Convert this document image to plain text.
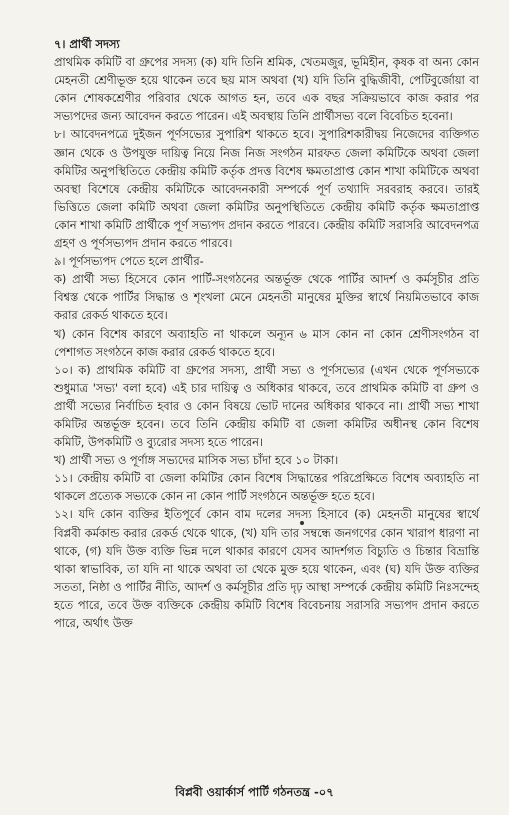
৭। প্রার্থী সদস্য

প্রাথমিক কমিটি বা গ্রুপের সদস্য (ক) যদি তিনি শ্রমিক, খেতমজুর, ভূমিহীন, কৃষক বা অন্য কোন মেহনতী শ্রেণীভূক্ত হয়ে থাকেন তবে ছয় মাস অথবা (খ) যদি তিনি বুদ্ধিজীবী, পেটিবুর্জোয়া বা কোন শোষকশ্রেণীর পরিবার থেকে আগত হন, তবে এক বছর সক্রিয়ভাবে কাজ করার পর সভ্যপদের জন্য আবেদন করতে পারেন। এই অবস্থায় তিনি প্রার্থীসভ্য বলে বিবেচিত হবেনা।

৮। আবেদনপত্রে দুইজন পূর্ণসভ্যের সুপারিশ থাকতে হবে। সুপারিশকারীদ্বয় নিজেদের ব্যক্তিগত জ্ঞান থেকে ও উপযুক্ত দায়িত্ব নিয়ে নিজ নিজ সংগঠন মারফত জেলা কমিটিকে অথবা জেলা কমিটির অনুপস্থিতিতে কেন্দ্রীয় কমিটি কর্তৃক প্রদত্ত বিশেষ ক্ষমতাপ্রাপ্ত কোন শাখা কমিটিকে অথবা অবস্থা বিশেষে কেন্দ্রীয় কমিটিকে আবেদনকারী সম্পর্কে পূর্ণ তথ্যাদি সরবরাহ করবে। তারই ভিত্তিতে জেলা কমিটি অথবা জেলা কমিটির অনুপস্থিতিতে কেন্দ্রীয় কমিটি কর্তৃক ক্ষমতাপ্রাপ্ত কোন শাখা কমিটি প্রার্থীকে পূর্ণ সভ্যপদ প্রদান করতে পারবে। কেন্দ্রীয় কমিটি সরাসরি আবেদনপত্র গ্রহণ ও পূর্ণসভ্যপদ প্রদান করতে পারবে।

৯। পূর্ণসভ্যপদ পেতে হলে প্রার্থীর-

ক) প্রার্থী সভ্য হিসেবে কোন পার্টি-সংগঠনের অন্তর্ভূক্ত থেকে পার্টির আদর্শ ও কর্মসূচীর প্রতি বিশ্বস্ত থেকে পার্টির সিদ্ধান্ত ও শৃংখলা মেনে মেহনতী মানুষের মুক্তির স্বার্থে নিয়মিতভাবে কাজ করার রেকর্ড থাকতে হবে।

খ) কোন বিশেষ কারণে অব্যাহতি না থাকলে অন্যূন ৬ মাস কোন না কোন শ্রেণীসংগঠন বা পেশাগত সংগঠনে কাজ করার রেকর্ড থাকতে হবে।

১০। ক) প্রাথমিক কমিটি বা গ্রুপের সদস্য, প্রার্থী সভ্য ও পূর্ণসভ্যের (এখন থেকে পূর্ণসভ্যকে শুধুমাত্র 'সভ্য' বলা হবে) এই চার দায়িত্ব ও অধিকার থাকবে, তবে প্রাথমিক কমিটি বা গ্রুপ ও প্রার্থী সভ্যের নির্বাচিত হবার ও কোন বিষয়ে ভোট দানের অধিকার থাকবে না। প্রার্থী সভ্য শাখা কমিটির অন্তর্ভূক্ত হবেন। তবে তিনি কেন্দ্রীয় কমিটি বা জেলা কমিটির অধীনস্থ কোন বিশেষ কমিটি, উপকমিটি ও ব্যুরোর সদস্য হতে পারেন।

খ) প্রার্থী সভ্য ও পূর্ণাঙ্গ সভ্যদের মাসিক সভ্য চাঁদা হবে ১০ টাকা।

১১। কেন্দ্রীয় কমিটি বা জেলা কমিটির কোন বিশেষ সিদ্ধান্তের পরিপ্রেক্ষিতে বিশেষ অব্যাহতি না থাকলে প্রত্যেক সভ্যকে কোন না কোন পার্টি সংগঠনে অন্তর্ভূক্ত হতে হবে।

১২। যদি কোন ব্যক্তির ইতিপূর্বে কোন বাম দলের সদস্য হিসাবে (ক) মেহনতী মানুষের স্বার্থে বিপ্লবী কর্মকান্ড করার রেকর্ড থেকে থাকে, (খ) যদি তার সম্বন্ধে জনগণের কোন খারাপ ধারণা না থাকে, (গ) যদি উক্ত ব্যক্তি ভিন্ন দলে থাকার কারণে যেসব আদর্শগত বিচ্যুতি ও চিন্তার বিভ্রান্তি থাকা স্বাভাবিক, তা যদি না থাকে অথবা তা থেকে মুক্ত হয়ে থাকেন, এবং (ঘ) যদি উক্ত ব্যক্তির সততা, নিষ্ঠা ও পার্টির নীতি, আদর্শ ও কর্মসূচীর প্রতি দৃঢ় আস্থা সম্পর্কে কেন্দ্রীয় কমিটি নিঃসন্দেহ হতে পারে, তবে উক্ত ব্যক্তিকে কেন্দ্রীয় কমিটি বিশেষ বিবেচনায় সরাসরি সভ্যপদ প্রদান করতে পারে, অর্থাৎ উক্ত

বিপ্লবী ওয়ার্কার্স পার্টি গঠনতন্ত্র -০৭
